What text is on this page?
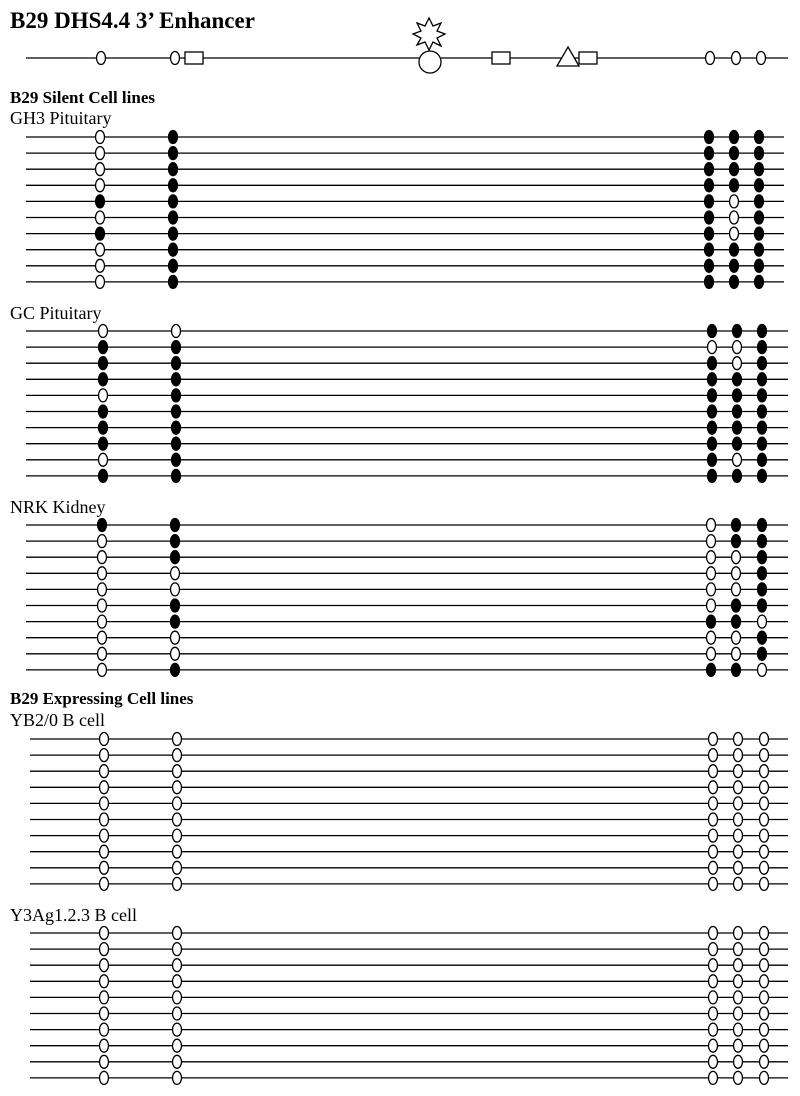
B29 DHS4.4 3’ Enhancer
B29 Silent Cell lines
GH3 Pituitary
GC Pituitary
NRK Kidney
B29 Expressing Cell lines
YB2/0 B cell
Y3Ag1.2.3 B cell
